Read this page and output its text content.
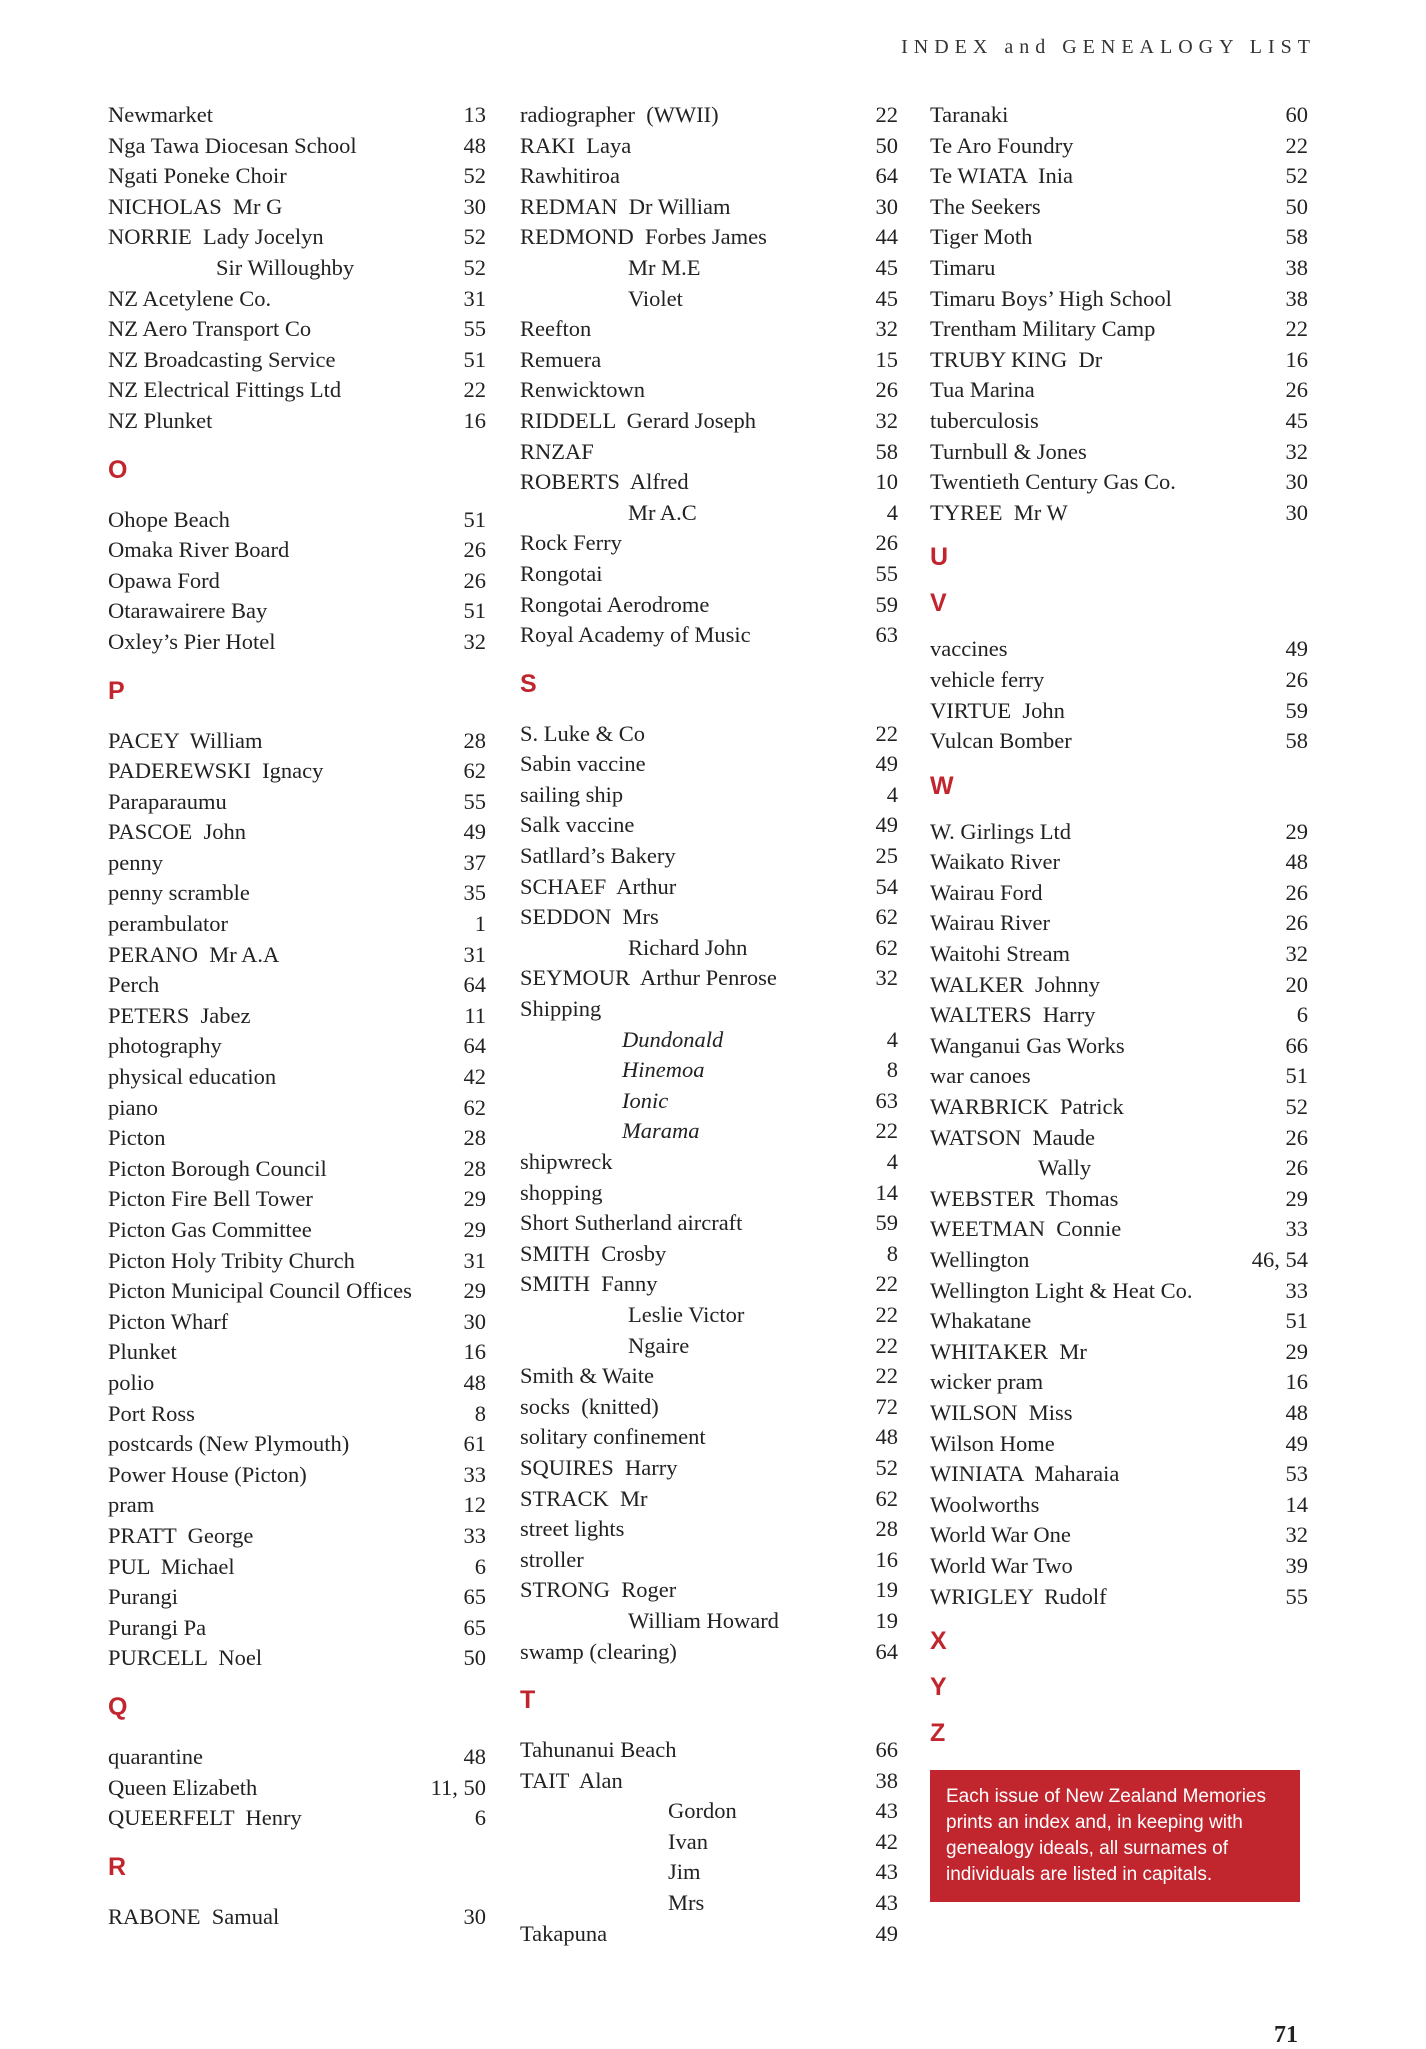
INDEX and GENEALOGY LIST
Newmarket	13
Nga Tawa Diocesan School	48
Ngati Poneke Choir	52
NICHOLAS  Mr G	30
NORRIE  Lady Jocelyn	52
Sir Willoughby	52
NZ Acetylene Co.	31
NZ Aero Transport Co	55
NZ Broadcasting Service	51
NZ Electrical Fittings Ltd	22
NZ Plunket	16
O
Ohope Beach	51
Omaka River Board	26
Opawa Ford	26
Otarawairere Bay	51
Oxley’s Pier Hotel	32
P
PACEY  William	28
PADEREWSKI  Ignacy	62
Paraparaumu	55
PASCOE  John	49
penny	37
penny scramble	35
perambulator	1
PERANO  Mr A.A	31
Perch	64
PETERS  Jabez	11
photography	64
physical education	42
piano	62
Picton	28
Picton Borough Council	28
Picton Fire Bell Tower	29
Picton Gas Committee	29
Picton Holy Tribity Church	31
Picton Municipal Council Offices 29
Picton Wharf	30
Plunket	16
polio	48
Port Ross	8
postcards (New Plymouth)	61
Power House (Picton)	33
pram	12
PRATT  George	33
PUL  Michael	6
Purangi	65
Purangi Pa	65
PURCELL  Noel	50
Q
quarantine	48
Queen Elizabeth	11, 50
QUEERFELT  Henry	6
R
RABONE  Samual	30
radiographer  (WWII)	22
RAKI  Laya	50
Rawhitiroa	64
REDMAN  Dr William	30
REDMOND  Forbes James	44
Mr M.E	45
Violet	45
Reefton	32
Remuera	15
Renwicktown	26
RIDDELL  Gerard Joseph	32
RNZAF	58
ROBERTS  Alfred	10
Mr A.C	4
Rock Ferry	26
Rongotai	55
Rongotai Aerodrome	59
Royal Academy of Music	63
S
S. Luke & Co	22
Sabin vaccine	49
sailing ship	4
Salk vaccine	49
Satllard’s Bakery	25
SCHAEF  Arthur	54
SEDDON  Mrs	62
Richard John	62
SEYMOUR  Arthur Penrose	32
Shipping
Dundonald	4
Hinemoa	8
Ionic	63
Marama	22
shipwreck	4
shopping	14
Short Sutherland aircraft	59
SMITH  Crosby	8
SMITH  Fanny	22
Leslie Victor	22
Ngaire	22
Smith & Waite	22
socks  (knitted)	72
solitary confinement	48
SQUIRES  Harry	52
STRACK  Mr	62
street lights	28
stroller	16
STRONG  Roger	19
William Howard	19
swamp (clearing)	64
T
Tahunanui Beach	66
TAIT  Alan	38
Gordon	43
Ivan	42
Jim	43
Mrs	43
Takapuna	49
Taranaki	60
Te Aro Foundry	22
Te WIATA  Inia	52
The Seekers	50
Tiger Moth	58
Timaru	38
Timaru Boys’ High School	38
Trentham Military Camp	22
TRUBY KING  Dr	16
Tua Marina	26
tuberculosis	45
Turnbull & Jones	32
Twentieth Century Gas Co.	30
TYREE  Mr W	30
U
V
vaccines	49
vehicle ferry	26
VIRTUE  John	59
Vulcan Bomber	58
W
W. Girlings Ltd	29
Waikato River	48
Wairau Ford	26
Wairau River	26
Waitohi Stream	32
WALKER  Johnny	20
WALTERS  Harry	6
Wanganui Gas Works	66
war canoes	51
WARBRICK  Patrick	52
WATSON  Maude	26
Wally	26
WEBSTER  Thomas	29
WEETMAN  Connie	33
Wellington	46, 54
Wellington Light & Heat Co.	33
Whakatane	51
WHITAKER  Mr	29
wicker pram	16
WILSON  Miss	48
Wilson Home	49
WINIATA  Maharaia	53
Woolworths	14
World War One	32
World War Two	39
WRIGLEY  Rudolf	55
X
Y
Z
Each issue of New Zealand Memories prints an index and, in keeping with genealogy ideals, all surnames of individuals are listed in capitals.
71
